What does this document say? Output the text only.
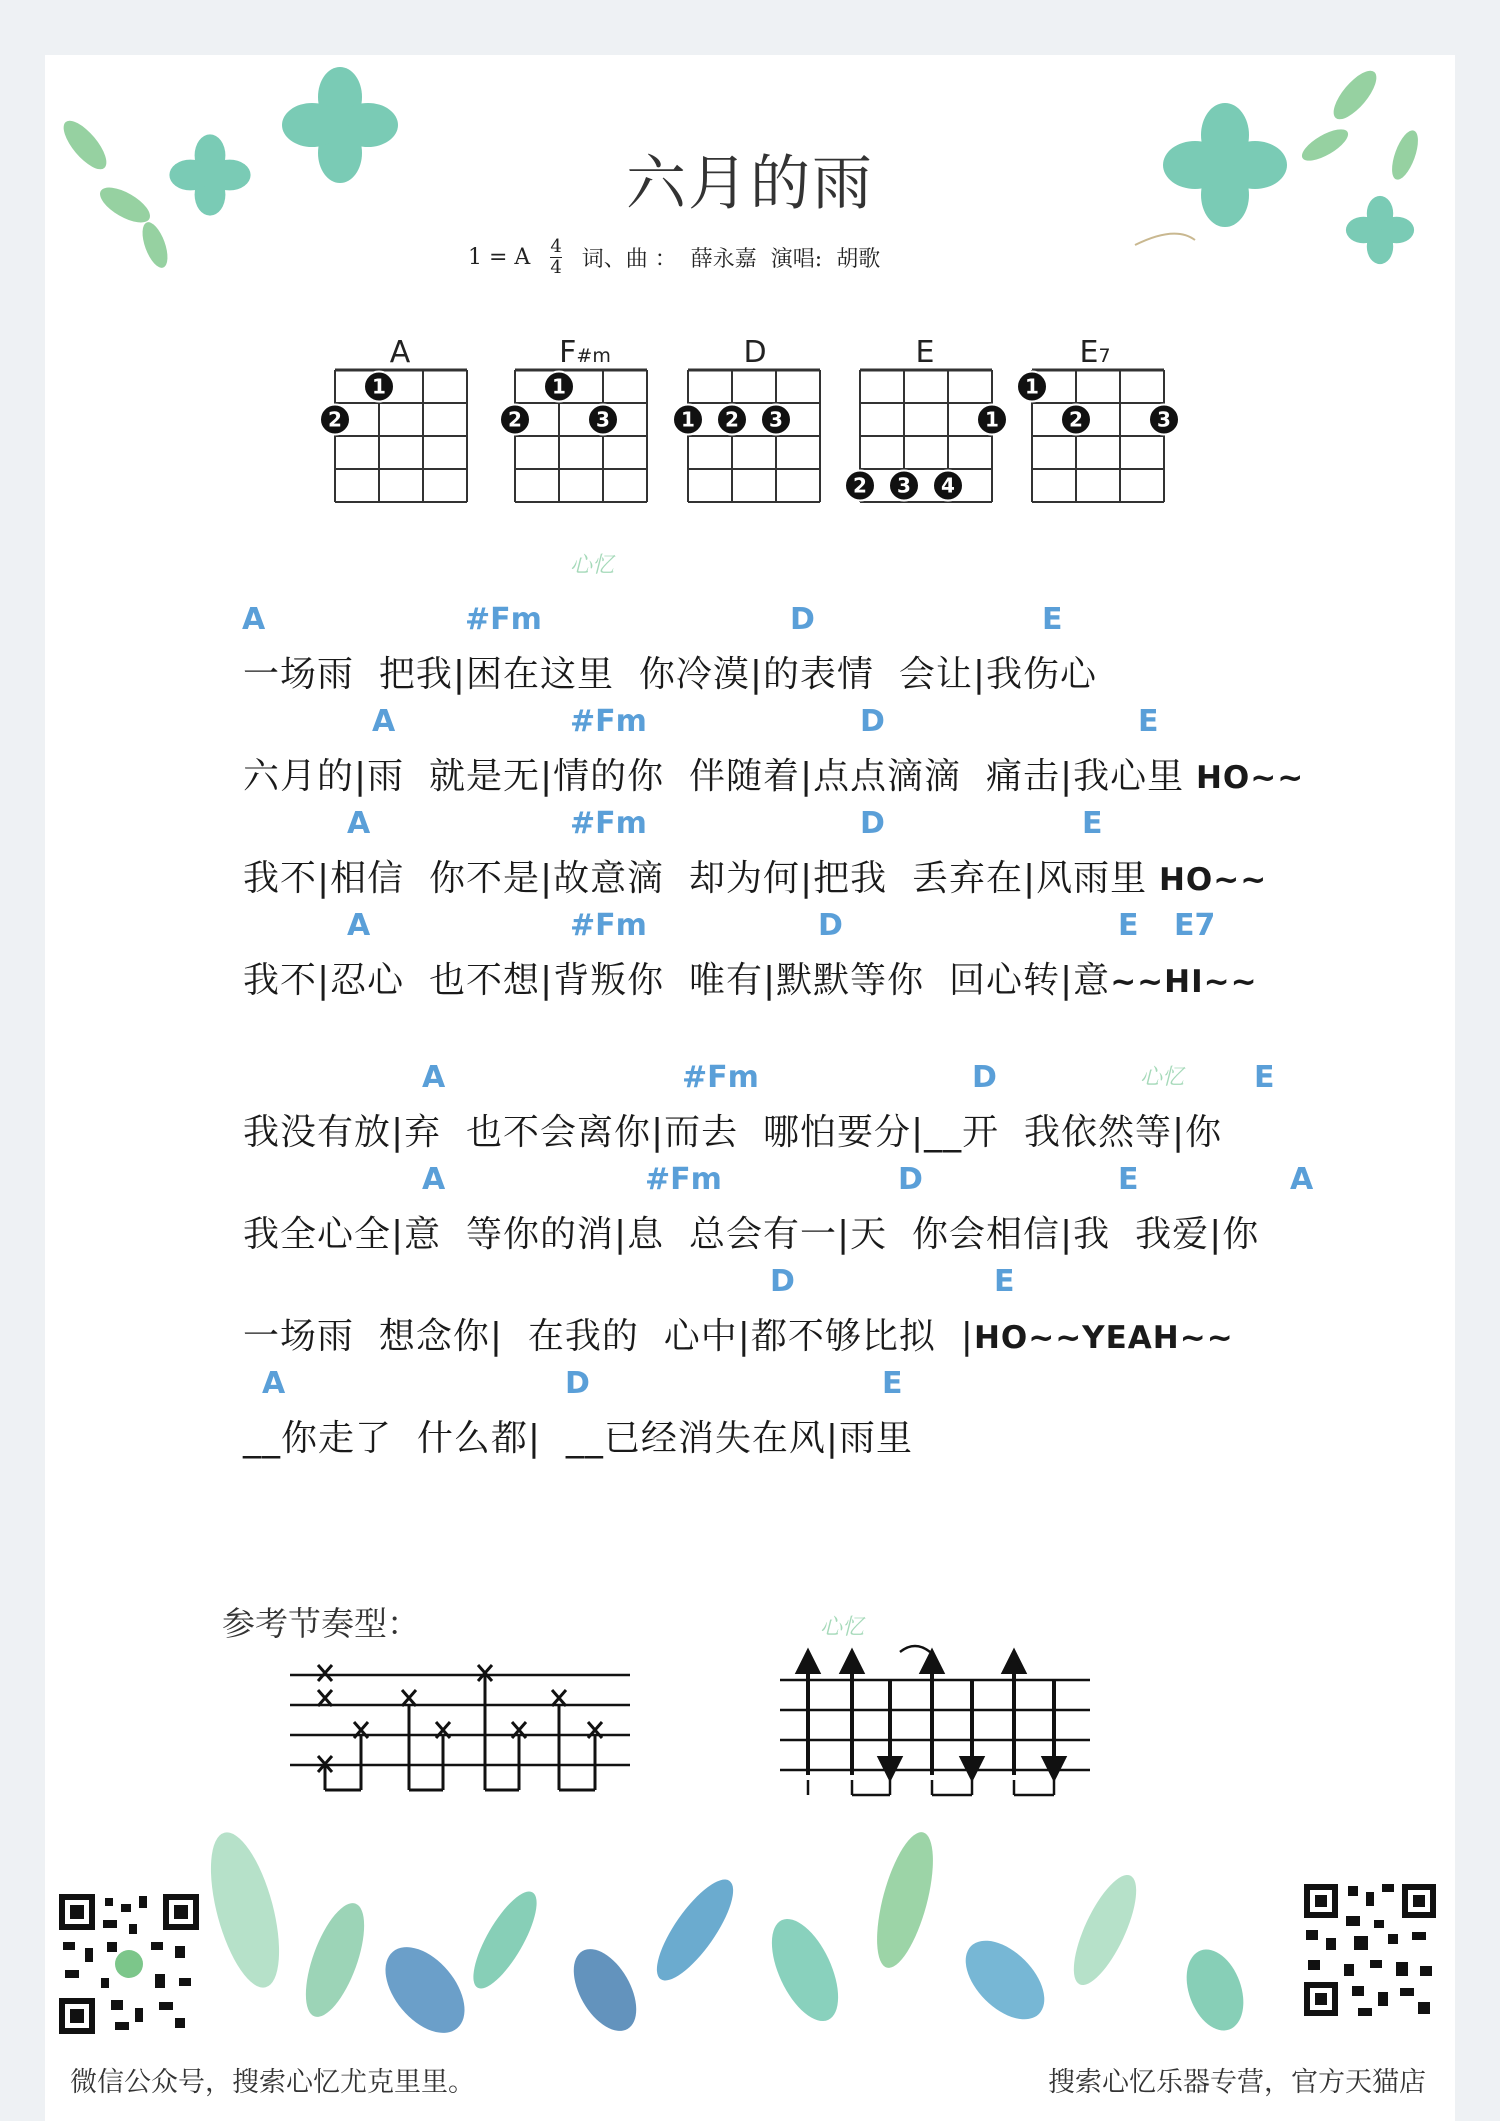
六月的雨
1 = A 4
4 词、曲 ： 薛永嘉 演唱: 胡歌
A	F#m	D	E	E7
2
1
2
1
3	1 2 3	1
2 3 4
1
2	3
A	#Fm	D	E
一场雨  把我|困在这里  你冷漠|的表情  会让|我伤心
A	#Fm	D	E
六月的|雨  就是无|情的你  伴随着|点点滴滴  痛击|我心里 HO~~
A	#Fm	D	E
我不|相信  你不是|故意滴  却为何|把我  丢弃在|风雨里 HO~~
A	#Fm	D	E E7
我不|忍心  也不想|背叛你  唯有|默默等你  回心转|意~~HI~~
A	#Fm	D	E
我没有放|弃  也不会离你|而去  哪怕要分|__开  我依然等|你
A	#Fm	D	E	A
我全心全|意  等你的消|息  总会有一|天  你会相信|我  我爱|你
D	E
一场雨  想念你|  在我的  心中|都不够比拟  |HO~~YEAH~~
A	D	E
__你走了  什么都|  __已经消失在风|雨里
心忆
心忆
心忆
参考节奏型：
微信公众号，搜索心忆尤克里里。	搜索心忆乐器专营，官方天猫店
